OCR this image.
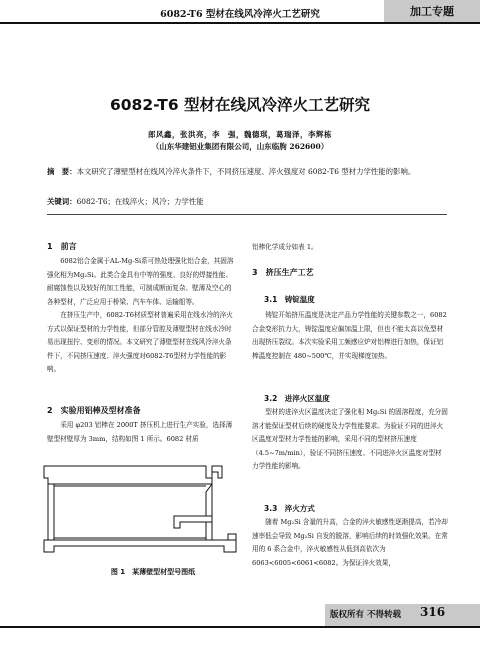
6082-T6 型材在线风冷淬火工艺研究	加工专题
6082-T6 型材在线风冷淬火工艺研究
郎风鑫，张洪亮，李　强，魏德琪，葛瑞泽，李辉栋
（山东华建铝业集团有限公司，山东临朐 262600）
摘　要：本文研究了薄壁型材在线风冷淬火条件下，不同挤压速度、淬火强度对 6082-T6 型材力学性能的影响。
关键词：6082-T6；在线淬火；风冷；力学性能
1　前言

6082铝合金属于AL-Mg-Si系可热处理强化铝合金，其固溶强化相为Mg₂Si。此类合金具有中等的强度、良好的焊接性能、耐腐蚀性以及较好的加工性能，可制成断面复杂、壁薄及空心的各种型材，广泛应用于桥梁、汽车车体、运输船等。

在挤压生产中，6082-T6材质型材普遍采用在线水冷的淬火方式以保证型材的力学性能，但部分管腔及薄壁型材在线水冷时易出现扭拧、变形的情况。本文研究了薄壁型材在线风冷淬火条件下，不同挤压速度、淬火强度对6082-T6型材力学性能的影响。

2　实验用铝棒及型材准备

采用 φ203 铝棒在 2000T 挤压机上进行生产实验，选择薄壁型材壁厚为 3mm，结构如图 1 所示。6082 材质

图 1　某薄壁型材型号图纸
铝棒化学成分如表 1。
3　挤压生产工艺
3.1　铸锭温度

铸锭开始挤压温度是决定产品力学性能的关键参数之一，6082合金变形抗力大，铸锭温度应偏加温上限，但也不能太高以免型材出现挤压裂纹。本次实验采用工频感应炉对铝棒进行加热，保证铝棒温度控制在 480~500℃，并实现梯度加热。

3.2　进淬火区温度

型材的进淬火区温度决定了强化相 Mg₂Si 的固溶程度，充分固溶才能保证型材后续的硬度及力学性能要求。为验证不同的进淬火区温度对型材力学性能的影响，采用不同的型材挤压速度（4.5~7m/min），验证不同挤压速度、不同进淬火区温度对型材力学性能的影响。

3.3　淬火方式

随着 Mg₂Si 含量的升高，合金的淬火敏感性逐渐提高，若冷却速率低会导致 Mg₂Si 自发的脱溶，影响后续的时效强化效果。在常用的 6 系合金中，淬火敏感性从低到高依次为 6063<6005<6061<6082。为保证淬火效果，

版权所有 不得转载 316
